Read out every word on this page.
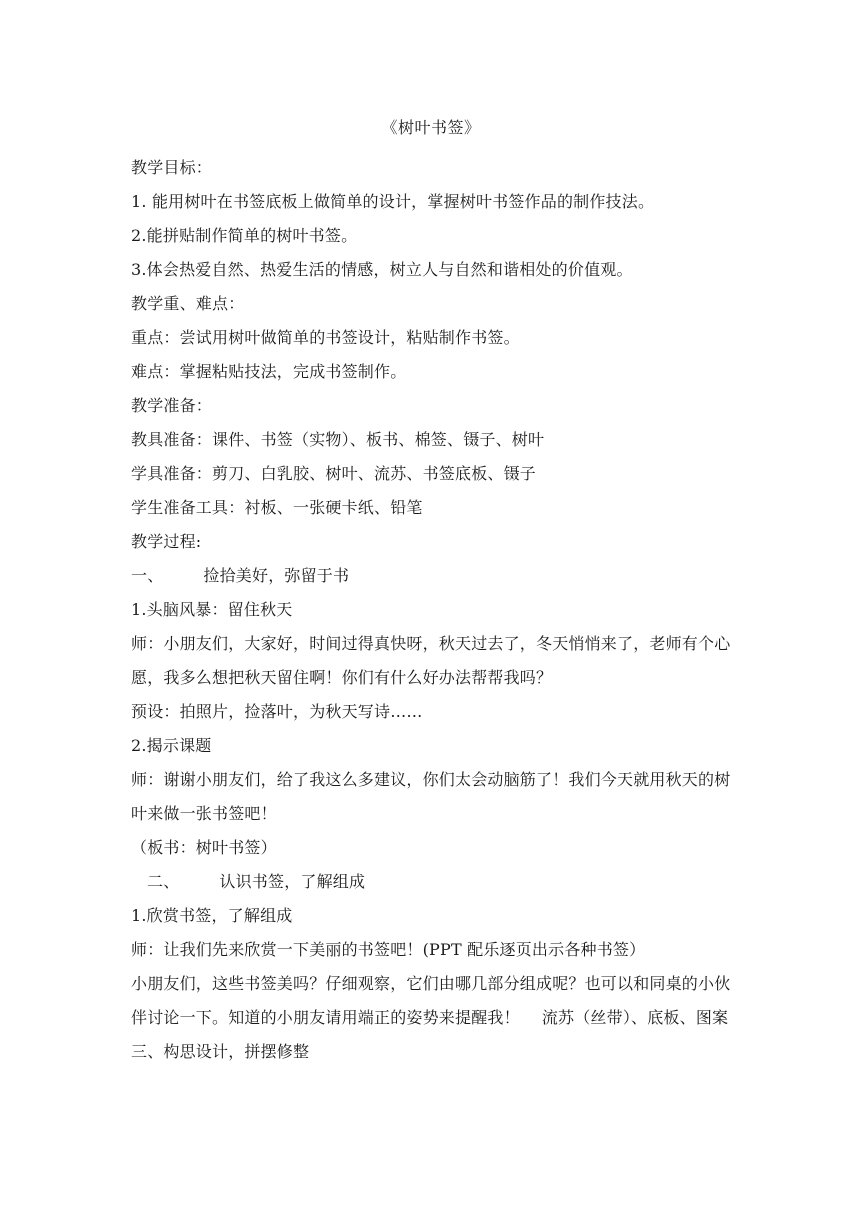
《树叶书签》
教学目标：
1. 能用树叶在书签底板上做简单的设计，掌握树叶书签作品的制作技法。
2.能拼贴制作简单的树叶书签。
3.体会热爱自然、热爱生活的情感，树立人与自然和谐相处的价值观。
教学重、难点：
重点：尝试用树叶做简单的书签设计，粘贴制作书签。
难点：掌握粘贴技法，完成书签制作。
教学准备：
教具准备：课件、书签（实物）、板书、棉签、镊子、树叶
学具准备：剪刀、白乳胶、树叶、流苏、书签底板、镊子
学生准备工具：衬板、一张硬卡纸、铅笔
教学过程:
一、	捡拾美好，弥留于书
1.头脑风暴：留住秋天
师：小朋友们，大家好，时间过得真快呀，秋天过去了，冬天悄悄来了，老师有个心愿，我多么想把秋天留住啊！你们有什么好办法帮帮我吗？
预设：拍照片，捡落叶，为秋天写诗……
2.揭示课题
师：谢谢小朋友们，给了我这么多建议，你们太会动脑筋了！我们今天就用秋天的树叶来做一张书签吧！
（板书：树叶书签）
二、	认识书签，了解组成
1.欣赏书签，了解组成
师：让我们先来欣赏一下美丽的书签吧！(PPT 配乐逐页出示各种书签）
小朋友们，这些书签美吗？仔细观察，它们由哪几部分组成呢？也可以和同桌的小伙伴讨论一下。知道的小朋友请用端正的姿势来提醒我！ 流苏（丝带）、底板、图案
三、构思设计，拼摆修整
